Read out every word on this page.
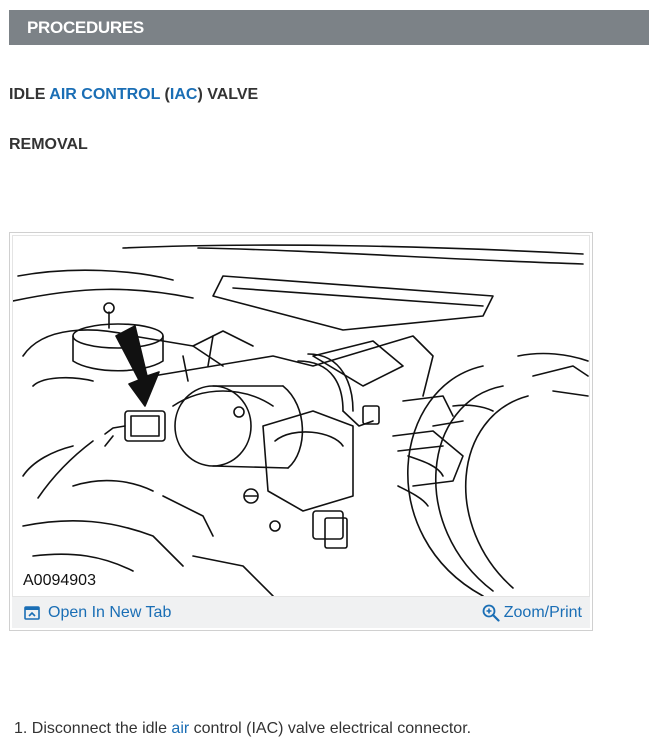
PROCEDURES
IDLE AIR CONTROL (IAC) VALVE
REMOVAL
A0094903
Open In New Tab	Zoom/Print
1. Disconnect the idle air control (IAC) valve electrical connector.
